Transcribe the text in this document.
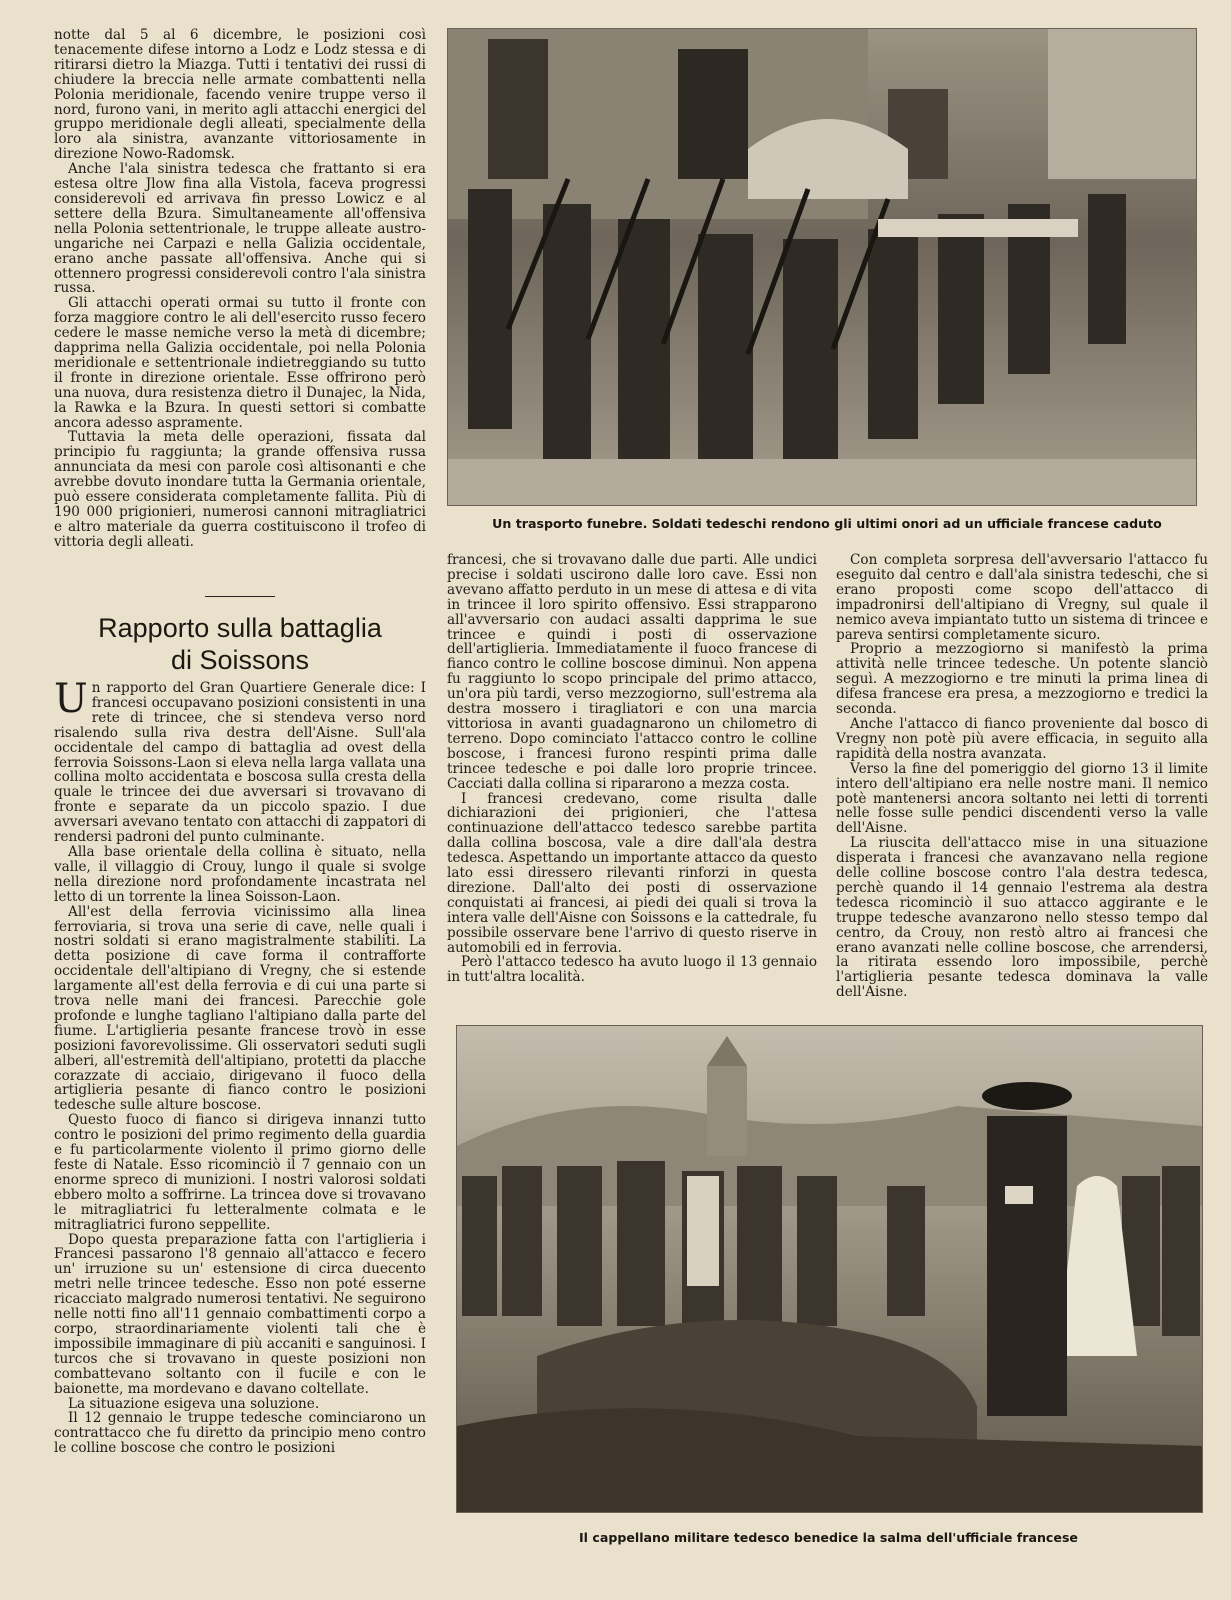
notte dal 5 al 6 dicembre, le posizioni così tenacemente difese intorno a Lodz e Lodz stessa e di ritirarsi dietro la Miazga. Tutti i tentativi dei russi di chiudere la breccia nelle armate combattenti nella Polonia meridionale, facendo venire truppe verso il nord, furono vani, in merito agli attacchi energici del gruppo meridionale degli alleati, specialmente della loro ala sinistra, avanzante vittoriosamente in direzione Nowo-Radomsk.

Anche l'ala sinistra tedesca che frattanto si era estesa oltre Jlow fina alla Vistola, faceva progressi considerevoli ed arrivava fin presso Lowicz e al settere della Bzura. Simultaneamente all'offensiva nella Polonia settentrionale, le truppe alleate austro-ungariche nei Carpazi e nella Galizia occidentale, erano anche passate all'offensiva. Anche qui si ottennero progressi considerevoli contro l'ala sinistra russa.

Gli attacchi operati ormai su tutto il fronte con forza maggiore contro le ali dell'esercito russo fecero cedere le masse nemiche verso la metà di dicembre; dapprima nella Galizia occidentale, poi nella Polonia meridionale e settentrionale indietreggiando su tutto il fronte in direzione orientale. Esse offrirono però una nuova, dura resistenza dietro il Dunajec, la Nida, la Rawka e la Bzura. In questi settori si combatte ancora adesso aspramente.

Tuttavia la meta delle operazioni, fissata dal principio fu raggiunta; la grande offensiva russa annunciata da mesi con parole così altisonanti e che avrebbe dovuto inondare tutta la Germania orientale, può essere considerata completamente fallita. Più di 190 000 prigionieri, numerosi cannoni mitragliatrici e altro materiale da guerra costituiscono il trofeo di vittoria degli alleati.

Rapporto sulla battaglia
di Soissons

Un rapporto del Gran Quartiere Generale dice: I francesi occupavano posizioni consistenti in una rete di trincee, che si stendeva verso nord risalendo sulla riva destra dell'Aisne. Sull'ala occidentale del campo di battaglia ad ovest della ferrovia Soissons-Laon si eleva nella larga vallata una collina molto accidentata e boscosa sulla cresta della quale le trincee dei due avversari si trovavano di fronte e separate da un piccolo spazio. I due avversari avevano tentato con attacchi di zappatori di rendersi padroni del punto culminante.

Alla base orientale della collina è situato, nella valle, il villaggio di Crouy, lungo il quale si svolge nella direzione nord profondamente incastrata nel letto di un torrente la linea Soisson-Laon.

All'est della ferrovia vicinissimo alla linea ferroviaria, si trova una serie di cave, nelle quali i nostri soldati si erano magistralmente stabiliti. La detta posizione di cave forma il contrafforte occidentale dell'altipiano di Vregny, che si estende largamente all'est della ferrovia e di cui una parte si trova nelle mani dei francesi. Parecchie gole profonde e lunghe tagliano l'altipiano dalla parte del fiume. L'artiglieria pesante francese trovò in esse posizioni favorevolissime. Gli osservatori seduti sugli alberi, all'estremità dell'altipiano, protetti da placche corazzate di acciaio, dirigevano il fuoco della artiglieria pesante di fianco contro le posizioni tedesche sulle alture boscose.

Questo fuoco di fianco si dirigeva innanzi tutto contro le posizioni del primo regimento della guardia e fu particolarmente violento il primo giorno delle feste di Natale. Esso ricominciò il 7 gennaio con un enorme spreco di munizioni. I nostri valorosi soldati ebbero molto a soffrirne. La trincea dove si trovavano le mitragliatrici fu letteralmente colmata e le mitragliatrici furono seppellite.

Dopo questa preparazione fatta con l'artiglieria i Francesi passarono l'8 gennaio all'attacco e fecero un' irruzione su un' estensione di circa duecento metri nelle trincee tedesche. Esso non poté esserne ricacciato malgrado numerosi tentativi. Ne seguirono nelle notti fino all'11 gennaio combattimenti corpo a corpo, straordinariamente violenti tali che è impossibile immaginare di più accaniti e sanguinosi. I turcos che si trovavano in queste posizioni non combattevano soltanto con il fucile e con le baionette, ma mordevano e davano coltellate.

La situazione esigeva una soluzione.

Il 12 gennaio le truppe tedesche cominciarono un contrattacco che fu diretto da principio meno contro le colline boscose che contro le posizioni

Un trasporto funebre. Soldati tedeschi rendono gli ultimi onori ad un ufficiale francese caduto

francesi, che si trovavano dalle due parti. Alle undici precise i soldati uscirono dalle loro cave. Essi non avevano affatto perduto in un mese di attesa e di vita in trincee il loro spirito offensivo. Essi strapparono all'avversario con audaci assalti dapprima le sue trincee e quindi i posti di osservazione dell'artiglieria. Immediatamente il fuoco francese di fianco contro le colline boscose diminuì. Non appena fu raggiunto lo scopo principale del primo attacco, un'ora più tardi, verso mezzogiorno, sull'estrema ala destra mossero i tiragliatori e con una marcia vittoriosa in avanti guadagnarono un chilometro di terreno. Dopo cominciato l'attacco contro le colline boscose, i francesi furono respinti prima dalle trincee tedesche e poi dalle loro proprie trincee. Cacciati dalla collina si ripararono a mezza costa.

I francesi credevano, come risulta dalle dichiarazioni dei prigionieri, che l'attesa continuazione dell'attacco tedesco sarebbe partita dalla collina boscosa, vale a dire dall'ala destra tedesca. Aspettando un importante attacco da questo lato essi diressero rilevanti rinforzi in questa direzione. Dall'alto dei posti di osservazione conquistati ai francesi, ai piedi dei quali si trova la intera valle dell'Aisne con Soissons e la cattedrale, fu possibile osservare bene l'arrivo di questo riserve in automobili ed in ferrovia.

Però l'attacco tedesco ha avuto luogo il 13 gennaio in tutt'altra località.

Con completa sorpresa dell'avversario l'attacco fu eseguito dal centro e dall'ala sinistra tedeschi, che si erano proposti come scopo dell'attacco di impadronirsi dell'altipiano di Vregny, sul quale il nemico aveva impiantato tutto un sistema di trincee e pareva sentirsi completamente sicuro.

Proprio a mezzogiorno si manifestò la prima attività nelle trincee tedesche. Un potente slanciò seguì. A mezzogiorno e tre minuti la prima linea di difesa francese era presa, a mezzogiorno e tredici la seconda.

Anche l'attacco di fianco proveniente dal bosco di Vregny non potè più avere efficacia, in seguito alla rapidità della nostra avanzata.

Verso la fine del pomeriggio del giorno 13 il limite intero dell'altipiano era nelle nostre mani. Il nemico potè mantenersi ancora soltanto nei letti di torrenti nelle fosse sulle pendici discendenti verso la valle dell'Aisne.

La riuscita dell'attacco mise in una situazione disperata i francesi che avanzavano nella regione delle colline boscose contro l'ala destra tedesca, perchè quando il 14 gennaio l'estrema ala destra tedesca ricominciò il suo attacco aggirante e le truppe tedesche avanzarono nello stesso tempo dal centro, da Crouy, non restò altro ai francesi che erano avanzati nelle colline boscose, che arrendersi, la ritirata essendo loro impossibile, perchè l'artiglieria pesante tedesca dominava la valle dell'Aisne.

Il cappellano militare tedesco benedice la salma dell'ufficiale francese
